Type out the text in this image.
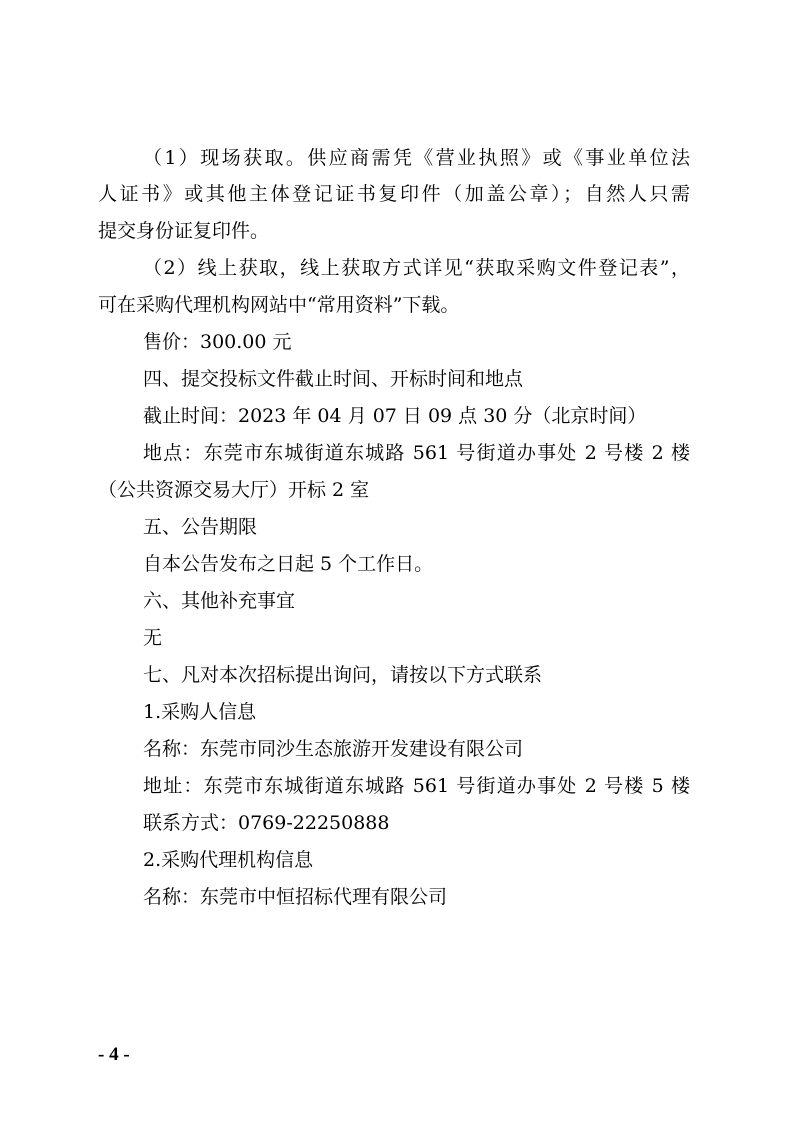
（1）现场获取。供应商需凭《营业执照》或《事业单位法
人证书》或其他主体登记证书复印件（加盖公章）；自然人只需
提交身份证复印件。
（2）线上获取，线上获取方式详见“获取采购文件登记表”，
可在采购代理机构网站中“常用资料”下载。
售价：300.00 元
四、提交投标文件截止时间、开标时间和地点
截止时间：2023 年 04 月 07 日 09 点 30 分（北京时间）
地点：东莞市东城街道东城路 561 号街道办事处 2 号楼 2 楼
（公共资源交易大厅）开标 2 室
五、公告期限
自本公告发布之日起 5 个工作日。
六、其他补充事宜
无
七、凡对本次招标提出询问，请按以下方式联系
1.采购人信息
名称：东莞市同沙生态旅游开发建设有限公司
地址：东莞市东城街道东城路 561 号街道办事处 2 号楼 5 楼
联系方式：0769-22250888
2.采购代理机构信息
名称：东莞市中恒招标代理有限公司
- 4 -
